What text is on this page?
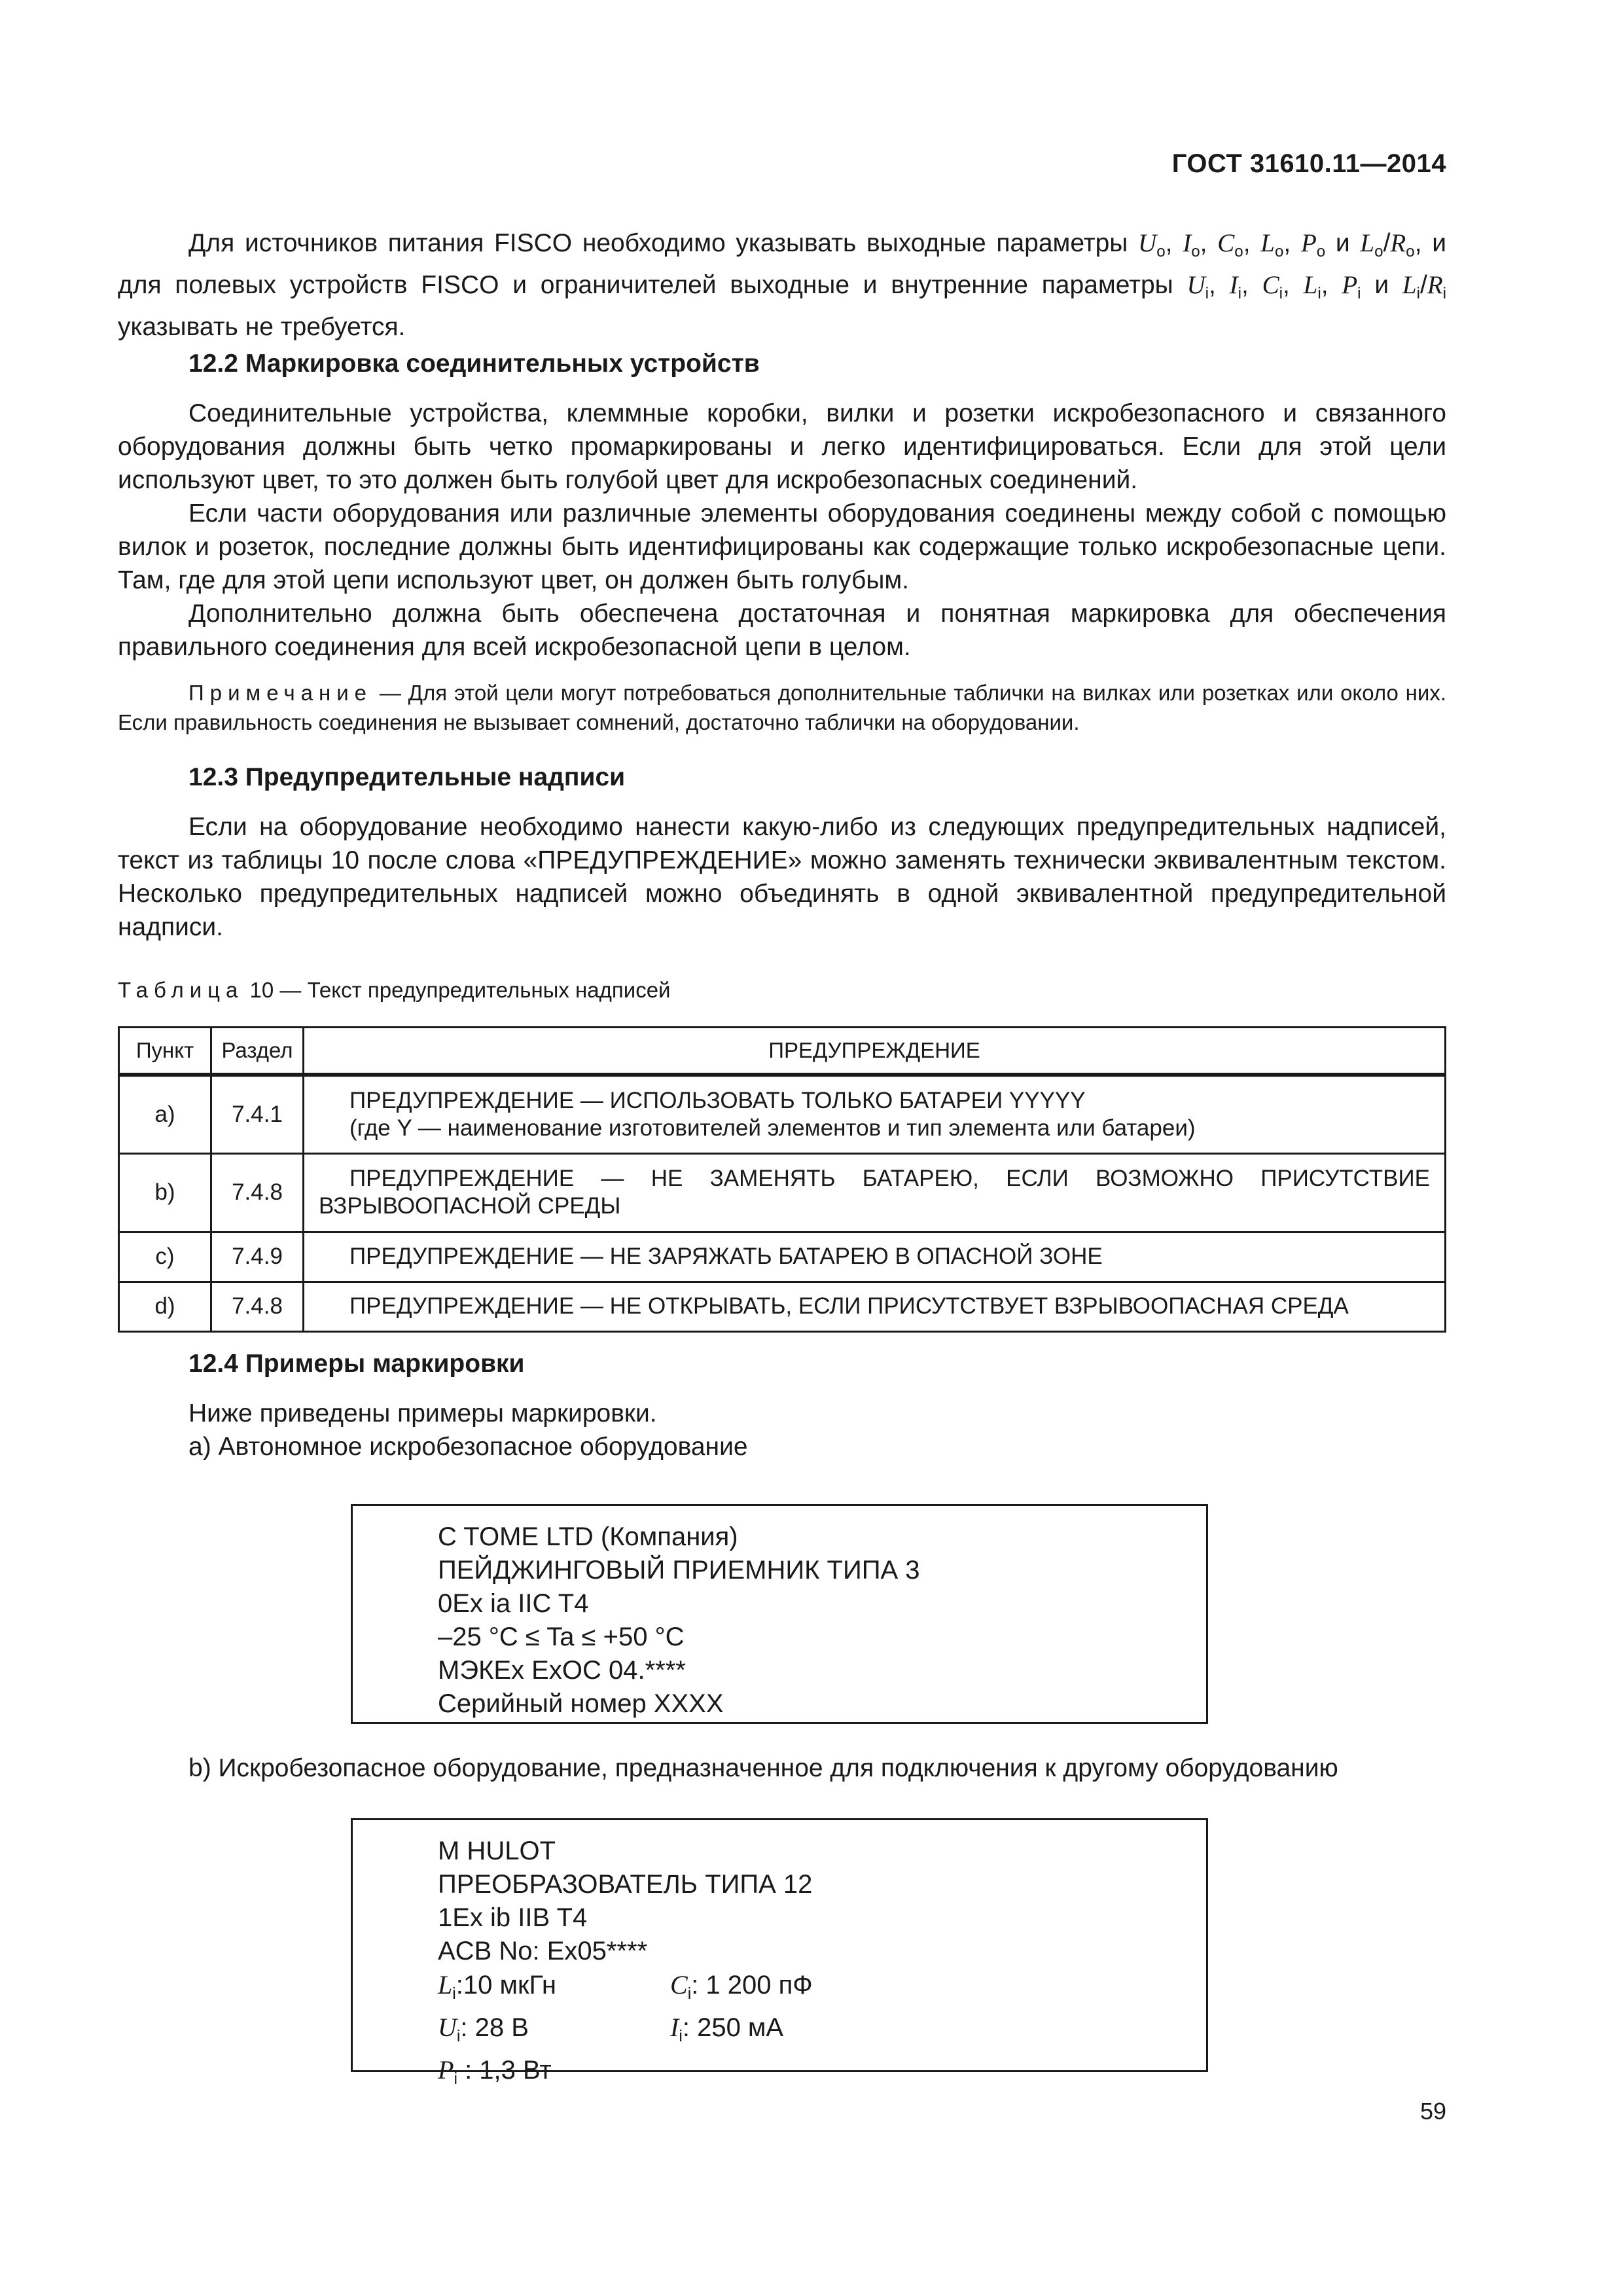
ГОСТ 31610.11—2014

Для источников питания FISCO необходимо указывать выходные параметры $U_o$, $I_o$, $C_o$, $L_o$, $P_o$ и $L_o/R_o$, и для полевых устройств FISCO и ограничителей выходные и внутренние параметры $U_i$, $I_i$, $C_i$, $L_i$, $P_i$ и $L_i/R_i$ указывать не требуется.

12.2 Маркировка соединительных устройств

Соединительные устройства, клеммные коробки, вилки и розетки искробезопасного и связанного оборудования должны быть четко промаркированы и легко идентифицироваться. Если для этой цели используют цвет, то это должен быть голубой цвет для искробезопасных соединений.

Если части оборудования или различные элементы оборудования соединены между собой с помощью вилок и розеток, последние должны быть идентифицированы как содержащие только искробезопасные цепи. Там, где для этой цепи используют цвет, он должен быть голубым.

Дополнительно должна быть обеспечена достаточная и понятная маркировка для обеспечения правильного соединения для всей искробезопасной цепи в целом.

Примечание — Для этой цели могут потребоваться дополнительные таблички на вилках или розетках или около них. Если правильность соединения не вызывает сомнений, достаточно таблички на оборудовании.

12.3 Предупредительные надписи

Если на оборудование необходимо нанести какую-либо из следующих предупредительных надписей, текст из таблицы 10 после слова «ПРЕДУПРЕЖДЕНИЕ» можно заменять технически эквивалентным текстом. Несколько предупредительных надписей можно объединять в одной эквивалентной предупредительной надписи.

Таблица 10 — Текст предупредительных надписей
Пункт	Раздел	ПРЕДУПРЕЖДЕНИЕ
a)	7.4.1	ПРЕДУПРЕЖДЕНИЕ — ИСПОЛЬЗОВАТЬ ТОЛЬКО БАТАРЕИ YYYYY
(где Y — наименование изготовителей элементов и тип элемента или батареи)

b)	7.4.8	ПРЕДУПРЕЖДЕНИЕ — НЕ ЗАМЕНЯТЬ БАТАРЕЮ, ЕСЛИ ВОЗМОЖНО ПРИСУТСТВИЕ ВЗРЫВООПАСНОЙ СРЕДЫ

c)	7.4.9	ПРЕДУПРЕЖДЕНИЕ — НЕ ЗАРЯЖАТЬ БАТАРЕЮ В ОПАСНОЙ ЗОНЕ

d)	7.4.8	ПРЕДУПРЕЖДЕНИЕ — НЕ ОТКРЫВАТЬ, ЕСЛИ ПРИСУТСТВУЕТ ВЗРЫВООПАСНАЯ СРЕДА
12.4 Примеры маркировки

Ниже приведены примеры маркировки.

а) Автономное искробезопасное оборудование

C TOME LTD (Компания)
ПЕЙДЖИНГОВЫЙ ПРИЕМНИК ТИПА 3
0Ex ia IIC T4
–25 °C ≤ Ta ≤ +50 °C
МЭКEx ExOC 04.****
Серийный номер XXXX

b) Искробезопасное оборудование, предназначенное для подключения к другому оборудованию

M HULOT
ПРЕОБРАЗОВАТЕЛЬ ТИПА 12
1Ex ib IIB T4
ACB No: Ex05****
$L_i:10$ мкГн	$C_i$: 1 200 пФ
$U_i$: 28 В	$I_i$: 250 мА
$P_i$ : 1,3 Вт
59
